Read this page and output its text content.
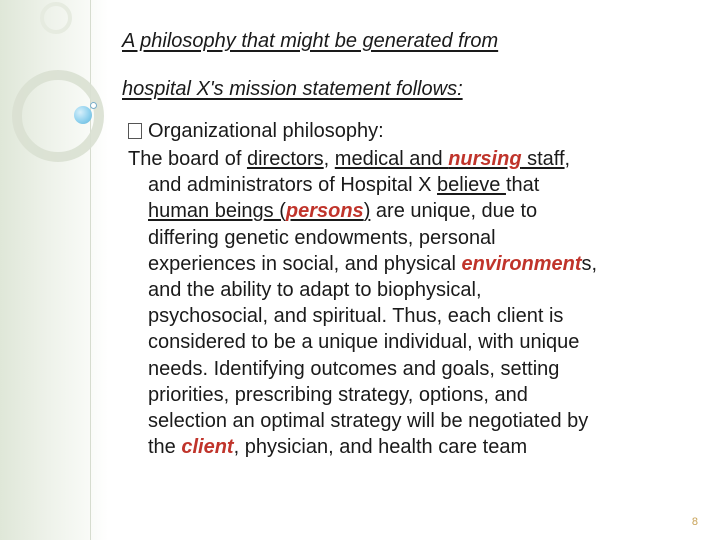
A philosophy that might be generated from
hospital X's mission statement follows:
Organizational philosophy:
The board of directors, medical and nursing staff,
and administrators of Hospital X believe that
human beings (persons) are unique, due to
differing genetic endowments, personal
experiences in social, and physical environments,
and the ability to adapt to biophysical,
psychosocial, and spiritual. Thus, each client is
considered to be a unique individual, with unique
needs. Identifying outcomes and goals, setting
priorities, prescribing strategy, options, and
selection an optimal strategy will be negotiated by
the client, physician, and health care team
8
